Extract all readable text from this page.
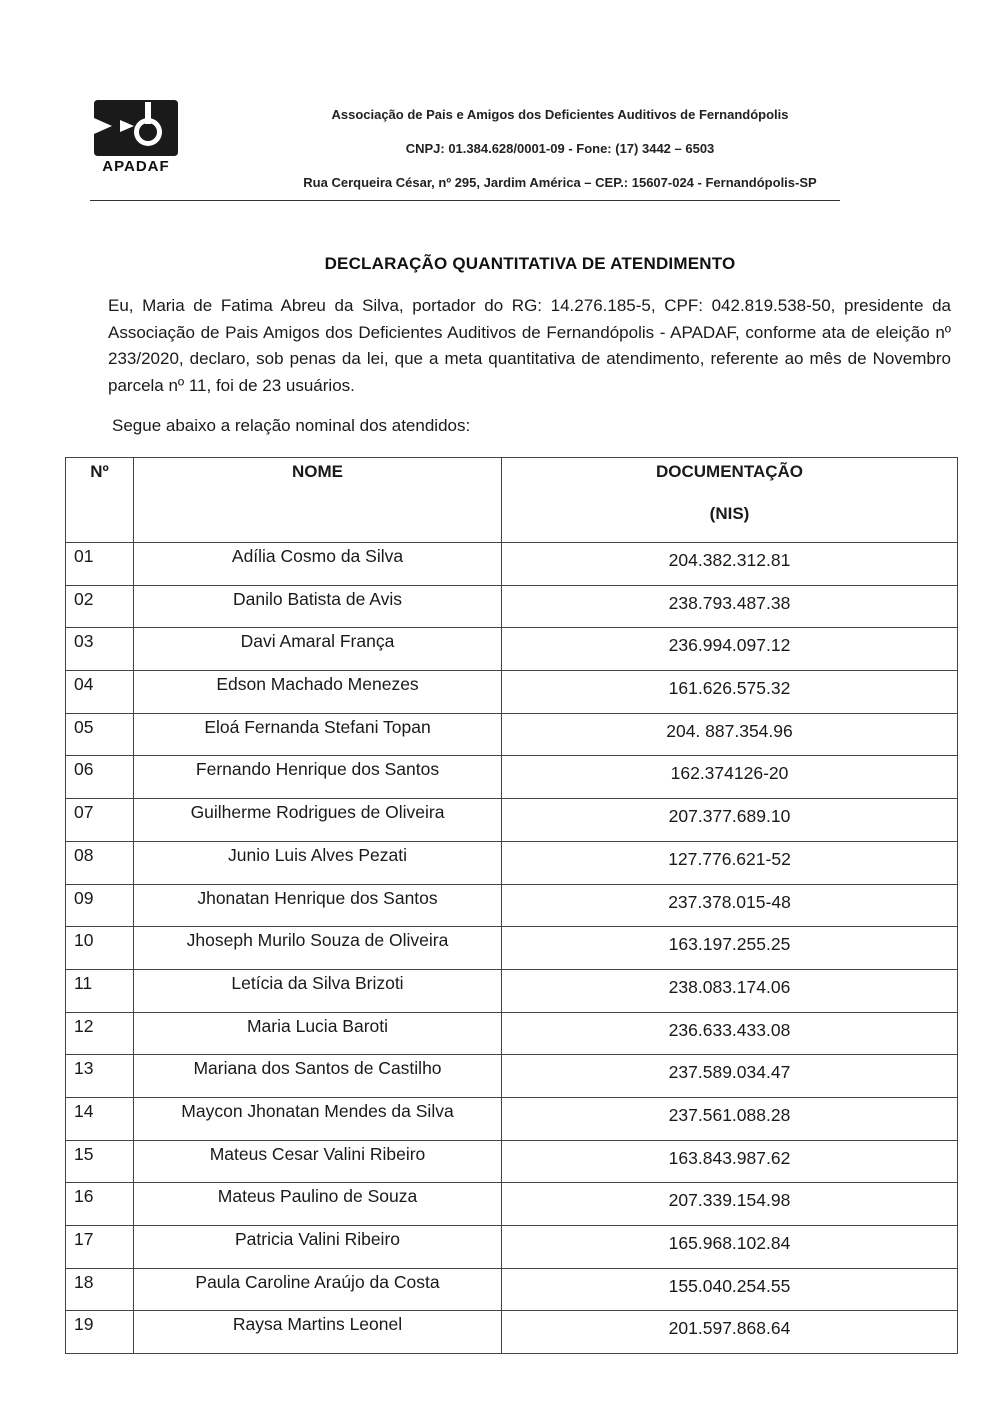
APADAF
Associação de Pais e Amigos dos Deficientes Auditivos de Fernandópolis
CNPJ: 01.384.628/0001-09 - Fone: (17) 3442 – 6503
Rua Cerqueira César, nº 295, Jardim América – CEP.: 15607-024 - Fernandópolis-SP
DECLARAÇÃO QUANTITATIVA DE ATENDIMENTO
Eu, Maria de Fatima Abreu da Silva, portador do RG: 14.276.185-5, CPF: 042.819.538-50, presidente da Associação de Pais Amigos dos Deficientes Auditivos de Fernandópolis - APADAF, conforme ata de eleição nº 233/2020, declaro, sob penas da lei, que a meta quantitativa de atendimento, referente ao mês de Novembro parcela nº 11, foi de 23 usuários.
Segue abaixo a relação nominal dos atendidos:
Nº	NOME	DOCUMENTAÇÃO
(NIS)

01	Adília Cosmo da Silva	204.382.312.81
02	Danilo Batista de Avis	238.793.487.38
03	Davi Amaral França	236.994.097.12
04	Edson Machado Menezes	161.626.575.32
05	Eloá Fernanda Stefani Topan	204. 887.354.96
06	Fernando Henrique dos Santos	162.374126-20
07	Guilherme Rodrigues de Oliveira	207.377.689.10
08	Junio Luis Alves Pezati	127.776.621-52
09	Jhonatan Henrique dos Santos	237.378.015-48
10	Jhoseph Murilo Souza de Oliveira	163.197.255.25
11	Letícia da Silva Brizoti	238.083.174.06
12	Maria Lucia Baroti	236.633.433.08
13	Mariana dos Santos de Castilho	237.589.034.47
14	Maycon Jhonatan Mendes da Silva	237.561.088.28
15	Mateus Cesar Valini Ribeiro	163.843.987.62
16	Mateus Paulino de Souza	207.339.154.98
17	Patricia Valini Ribeiro	165.968.102.84
18	Paula Caroline Araújo da Costa	155.040.254.55
19	Raysa Martins Leonel	201.597.868.64
